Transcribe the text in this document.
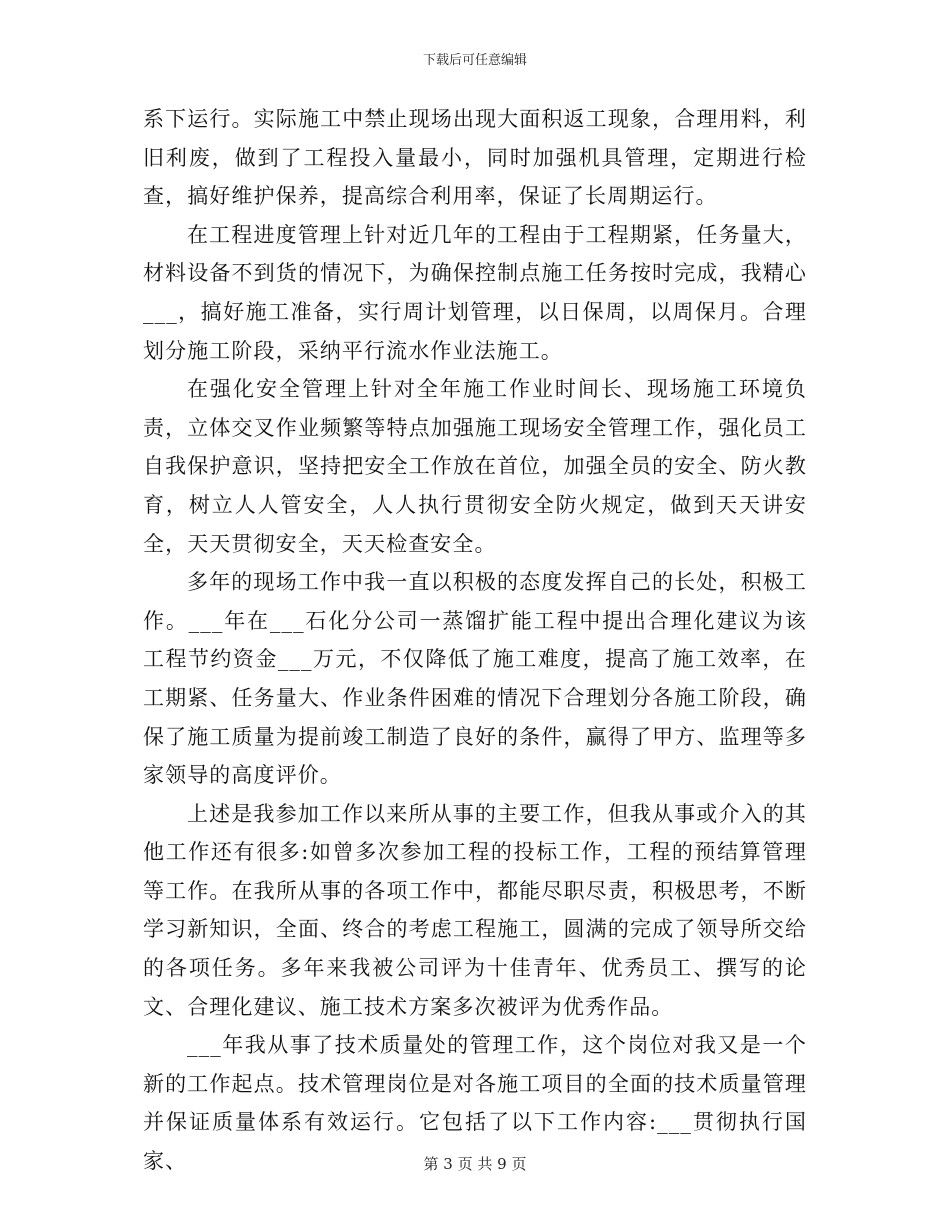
下载后可任意编辑

系下运行。实际施工中禁止现场出现大面积返工现象，合理用料，利旧利废，做到了工程投入量最小，同时加强机具管理，定期进行检查，搞好维护保养，提高综合利用率，保证了长周期运行。

在工程进度管理上针对近几年的工程由于工程期紧，任务量大，材料设备不到货的情况下，为确保控制点施工任务按时完成，我精心___，搞好施工准备，实行周计划管理，以日保周，以周保月。合理划分施工阶段，采纳平行流水作业法施工。

在强化安全管理上针对全年施工作业时间长、现场施工环境负责，立体交叉作业频繁等特点加强施工现场安全管理工作，强化员工自我保护意识，坚持把安全工作放在首位，加强全员的安全、防火教育，树立人人管安全，人人执行贯彻安全防火规定，做到天天讲安全，天天贯彻安全，天天检查安全。

多年的现场工作中我一直以积极的态度发挥自己的长处，积极工作。___年在___石化分公司一蒸馏扩能工程中提出合理化建议为该工程节约资金___万元，不仅降低了施工难度，提高了施工效率，在工期紧、任务量大、作业条件困难的情况下合理划分各施工阶段，确保了施工质量为提前竣工制造了良好的条件，赢得了甲方、监理等多家领导的高度评价。

上述是我参加工作以来所从事的主要工作，但我从事或介入的其他工作还有很多:如曾多次参加工程的投标工作，工程的预结算管理等工作。在我所从事的各项工作中，都能尽职尽责，积极思考，不断学习新知识，全面、终合的考虑工程施工，圆满的完成了领导所交给的各项任务。多年来我被公司评为十佳青年、优秀员工、撰写的论文、合理化建议、施工技术方案多次被评为优秀作品。

___年我从事了技术质量处的管理工作，这个岗位对我又是一个新的工作起点。技术管理岗位是对各施工项目的全面的技术质量管理并保证质量体系有效运行。它包括了以下工作内容:___贯彻执行国家、	第 3 页 共 9 页
